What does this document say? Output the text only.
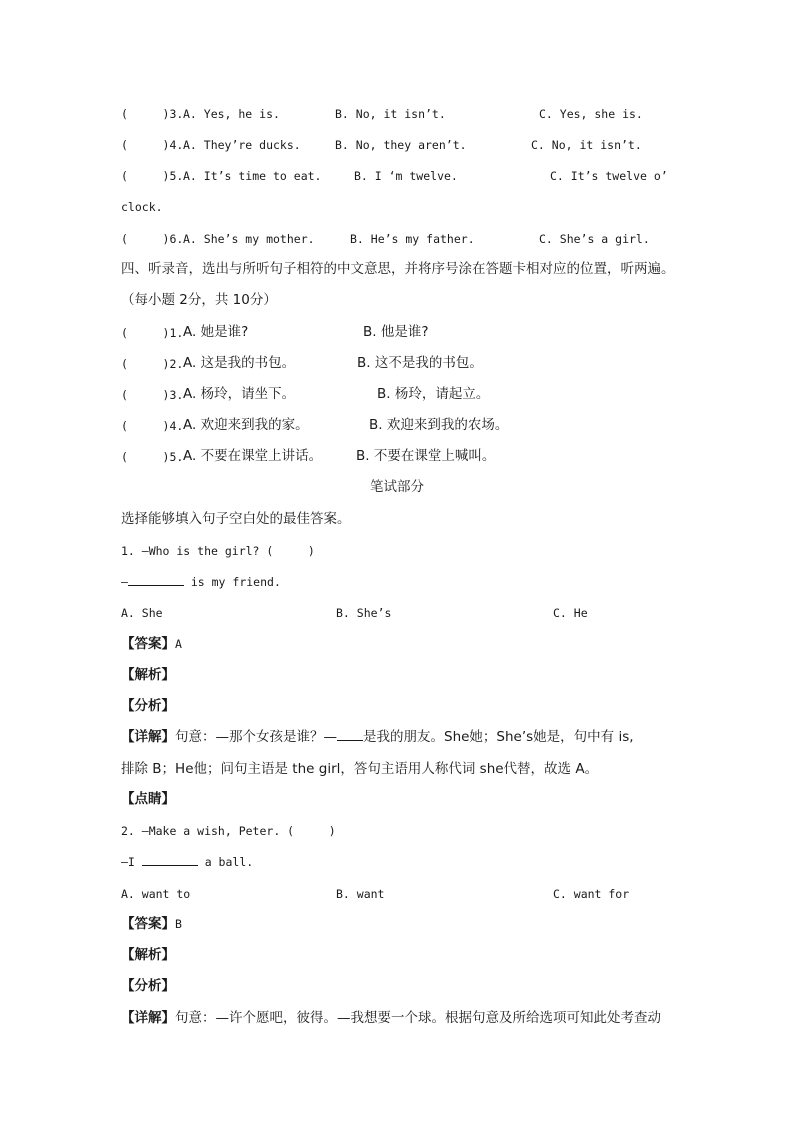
(     )3.

A. Yes, he is.

	B. No, it isn’t.

	C. Yes, she is.

(     )4.

A. They’re ducks.

	B. No, they aren’t.

	C. No, it isn’t.

(     )5.

A. It’s time to eat.

	B. I ‘m twelve.

	C. It’s twelve o’

clock.

(     )6.

A. She’s my mother.

	B. He’s my father.

	C. She’s a girl.

四、听录音，选出与所听句子相符的中文意思，并将序号涂在答题卡相对应的位置，听两遍。
（每小题 2分，共 10分）

(     )1.

A. 她是谁?

	B. 他是谁?

(     )2.

A. 这是我的书包。

	B. 这不是我的书包。

(     )3.

A. 杨玲，请坐下。

	B. 杨玲，请起立。

(     )4.

A. 欢迎来到我的家。

	B. 欢迎来到我的农场。

(     )5.

A. 不要在课堂上讲话。

	B. 不要在课堂上喊叫。

笔试部分
选择能够填入句子空白处的最佳答案。
1. —Who is the girl? (     )
—	is my friend.

A. She

	B. She’s

	C. He

【答案】A
【解析】
【分析】
【详解】句意：—那个女孩是谁？— 是我的朋友。She她；She’s她是，句中有 is,
排除 B；He他；问句主语是 the girl，答句主语用人称代词 she代替，故选 A。
【点睛】
2. —Make a wish, Peter. (     )
—I	a ball.

A. want to

	B. want

	C. want for

【答案】B
【解析】
【分析】
【详解】句意：—许个愿吧，彼得。—我想要一个球。根据句意及所给选项可知此处考查动
